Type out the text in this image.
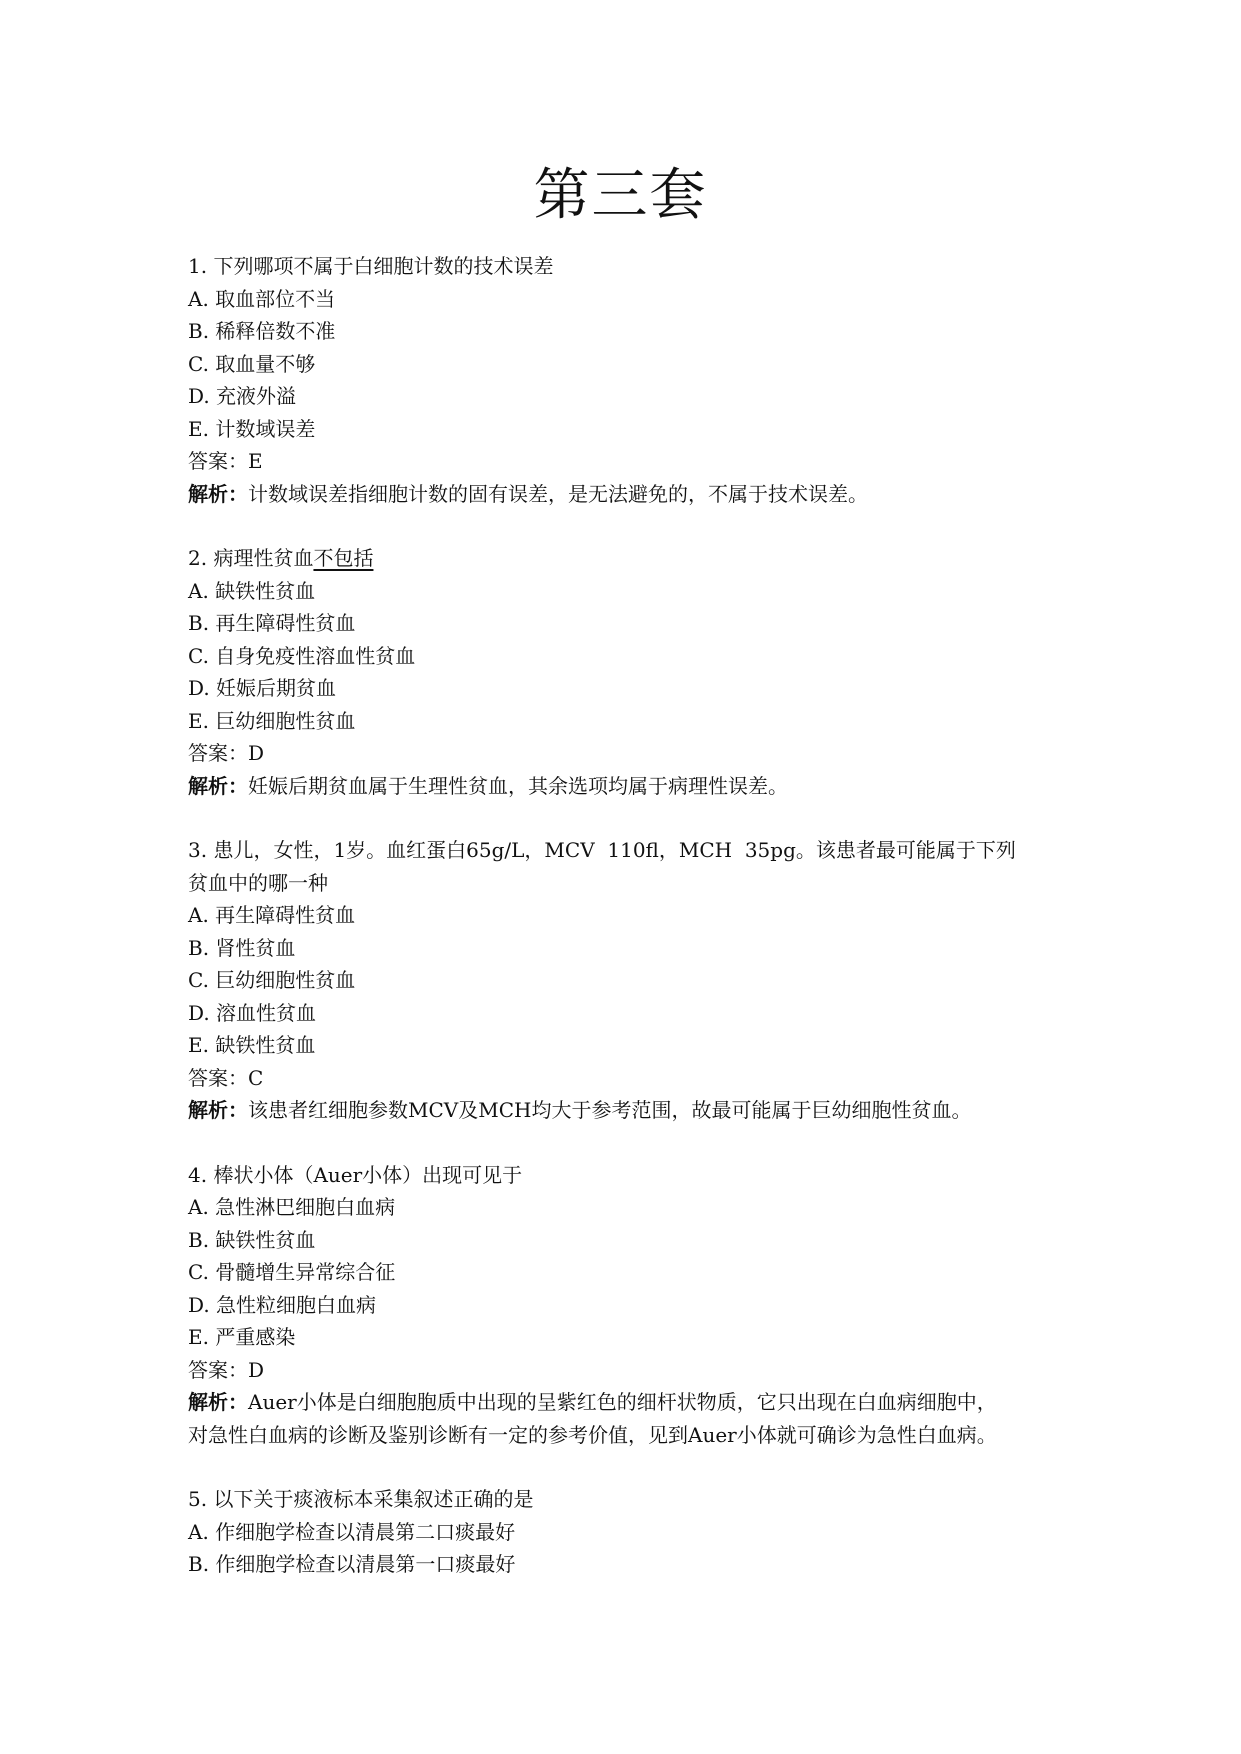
第三套

1. 下列哪项不属于白细胞计数的技术误差

A. 取血部位不当

B. 稀释倍数不准

C. 取血量不够

D. 充液外溢

E. 计数域误差

答案：E

解析：计数域误差指细胞计数的固有误差，是无法避免的，不属于技术误差。

2. 病理性贫血不包括

A. 缺铁性贫血

B. 再生障碍性贫血

C. 自身免疫性溶血性贫血

D. 妊娠后期贫血

E. 巨幼细胞性贫血

答案：D

解析：妊娠后期贫血属于生理性贫血，其余选项均属于病理性误差。

3. 患儿，女性，1岁。血红蛋白65g/L，MCV  110fl，MCH  35pg。该患者最可能属于下列

贫血中的哪一种

A. 再生障碍性贫血

B. 肾性贫血

C. 巨幼细胞性贫血

D. 溶血性贫血

E. 缺铁性贫血

答案：C

解析：该患者红细胞参数MCV及MCH均大于参考范围，故最可能属于巨幼细胞性贫血。

4. 棒状小体（Auer小体）出现可见于

A. 急性淋巴细胞白血病

B. 缺铁性贫血

C. 骨髓增生异常综合征

D. 急性粒细胞白血病

E. 严重感染

答案：D

解析：Auer小体是白细胞胞质中出现的呈紫红色的细杆状物质，它只出现在白血病细胞中，

对急性白血病的诊断及鉴别诊断有一定的参考价值，见到Auer小体就可确诊为急性白血病。

5. 以下关于痰液标本采集叙述正确的是

A. 作细胞学检查以清晨第二口痰最好

B. 作细胞学检查以清晨第一口痰最好
